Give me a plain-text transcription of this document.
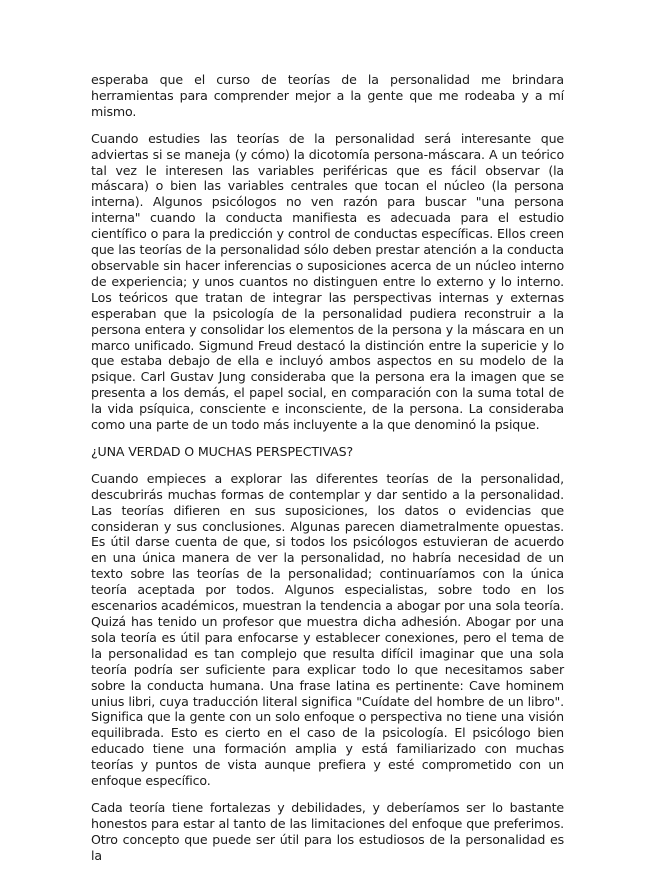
esperaba que el curso de teorías de la personalidad me brindara herramientas para comprender mejor a la gente que me rodeaba y a mí mismo.

Cuando estudies las teorías de la personalidad será interesante que adviertas si se maneja (y cómo) la dicotomía persona-máscara. A un teórico tal vez le interesen las variables periféricas que es fácil observar (la máscara) o bien las variables centrales que tocan el núcleo (la persona interna). Algunos psicólogos no ven razón para buscar "una persona interna" cuando la conducta manifiesta es adecuada para el estudio científico o para la predicción y control de conductas específicas. Ellos creen que las teorías de la personalidad sólo deben prestar atención a la conducta observable sin hacer inferencias o suposiciones acerca de un núcleo interno de experiencia; y unos cuantos no distinguen entre lo externo y lo interno. Los teóricos que tratan de integrar las perspectivas internas y externas esperaban que la psicología de la personalidad pudiera reconstruir a la persona entera y consolidar los elementos de la persona y la máscara en un marco unificado. Sigmund Freud destacó la distinción entre la supericie y lo que estaba debajo de ella e incluyó ambos aspectos en su modelo de la psique. Carl Gustav Jung consideraba que la persona era la imagen que se presenta a los demás, el papel social, en comparación con la suma total de la vida psíquica, consciente e inconsciente, de la persona. La consideraba como una parte de un todo más incluyente a la que denominó la psique.

¿UNA VERDAD O MUCHAS PERSPECTIVAS?

Cuando empieces a explorar las diferentes teorías de la personalidad, descubrirás muchas formas de contemplar y dar sentido a la personalidad. Las teorías difieren en sus suposiciones, los datos o evidencias que consideran y sus conclusiones. Algunas parecen diametralmente opuestas. Es útil darse cuenta de que, si todos los psicólogos estuvieran de acuerdo en una única manera de ver la personalidad, no habría necesidad de un texto sobre las teorías de la personalidad; continuaríamos con la única teoría aceptada por todos. Algunos especialistas, sobre todo en los escenarios académicos, muestran la tendencia a abogar por una sola teoría. Quizá has tenido un profesor que muestra dicha adhesión. Abogar por una sola teoría es útil para enfocarse y establecer conexiones, pero el tema de la personalidad es tan complejo que resulta difícil imaginar que una sola teoría podría ser suficiente para explicar todo lo que necesitamos saber sobre la conducta humana. Una frase latina es pertinente: Cave hominem unius libri, cuya traducción literal significa "Cuídate del hombre de un libro". Significa que la gente con un solo enfoque o perspectiva no tiene una visión equilibrada. Esto es cierto en el caso de la psicología. El psicólogo bien educado tiene una formación amplia y está familiarizado con muchas teorías y puntos de vista aunque prefiera y esté comprometido con un enfoque específico.

Cada teoría tiene fortalezas y debilidades, y deberíamos ser lo bastante honestos para estar al tanto de las limitaciones del enfoque que preferimos. Otro concepto que puede ser útil para los estudiosos de la personalidad es la
